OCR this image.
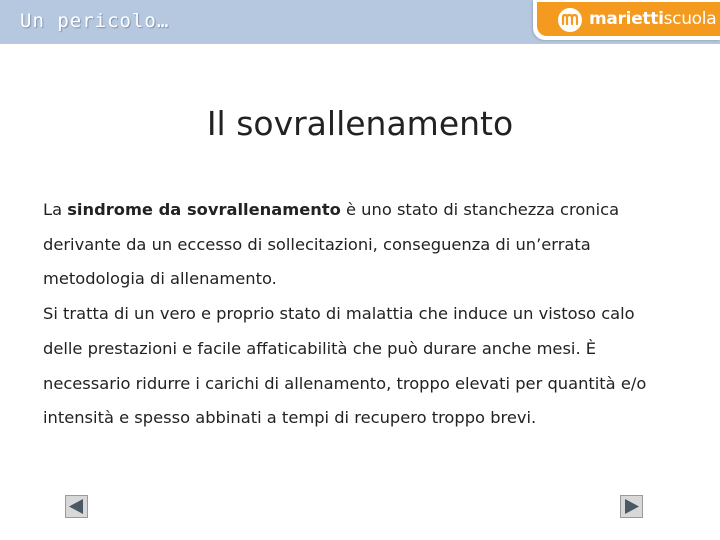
Un pericolo…	mariettiscuola
Il sovrallenamento

La sindrome da sovrallenamento è uno stato di stanchezza cronica derivante da un eccesso di sollecitazioni, conseguenza di un’errata metodologia di allenamento.

Si tratta di un vero e proprio stato di malattia che induce un vistoso calo delle prestazioni e facile affaticabilità che può durare anche mesi. È necessario ridurre i carichi di allenamento, troppo elevati per quantità e/o intensità e spesso abbinati a tempi di recupero troppo brevi.
